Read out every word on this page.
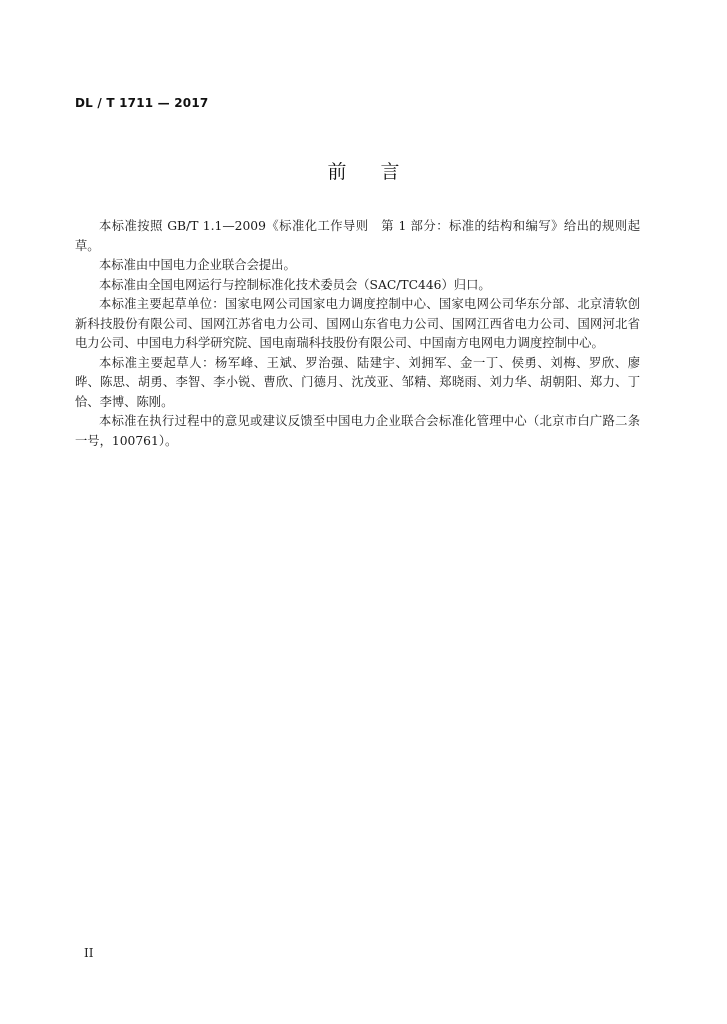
DL / T 1711 — 2017
前言

本标准按照 GB/T 1.1—2009《标准化工作导则　第 1 部分：标准的结构和编写》给出的规则起草。

本标准由中国电力企业联合会提出。

本标准由全国电网运行与控制标准化技术委员会（SAC/TC446）归口。

本标准主要起草单位：国家电网公司国家电力调度控制中心、国家电网公司华东分部、北京清软创新科技股份有限公司、国网江苏省电力公司、国网山东省电力公司、国网江西省电力公司、国网河北省电力公司、中国电力科学研究院、国电南瑞科技股份有限公司、中国南方电网电力调度控制中心。

本标准主要起草人：杨军峰、王斌、罗治强、陆建宇、刘拥军、金一丁、侯勇、刘梅、罗欣、廖晔、陈思、胡勇、李智、李小锐、曹欣、门德月、沈茂亚、邹精、郑晓雨、刘力华、胡朝阳、郑力、丁恰、李博、陈刚。

本标准在执行过程中的意见或建议反馈至中国电力企业联合会标准化管理中心（北京市白广路二条一号，100761）。

II
